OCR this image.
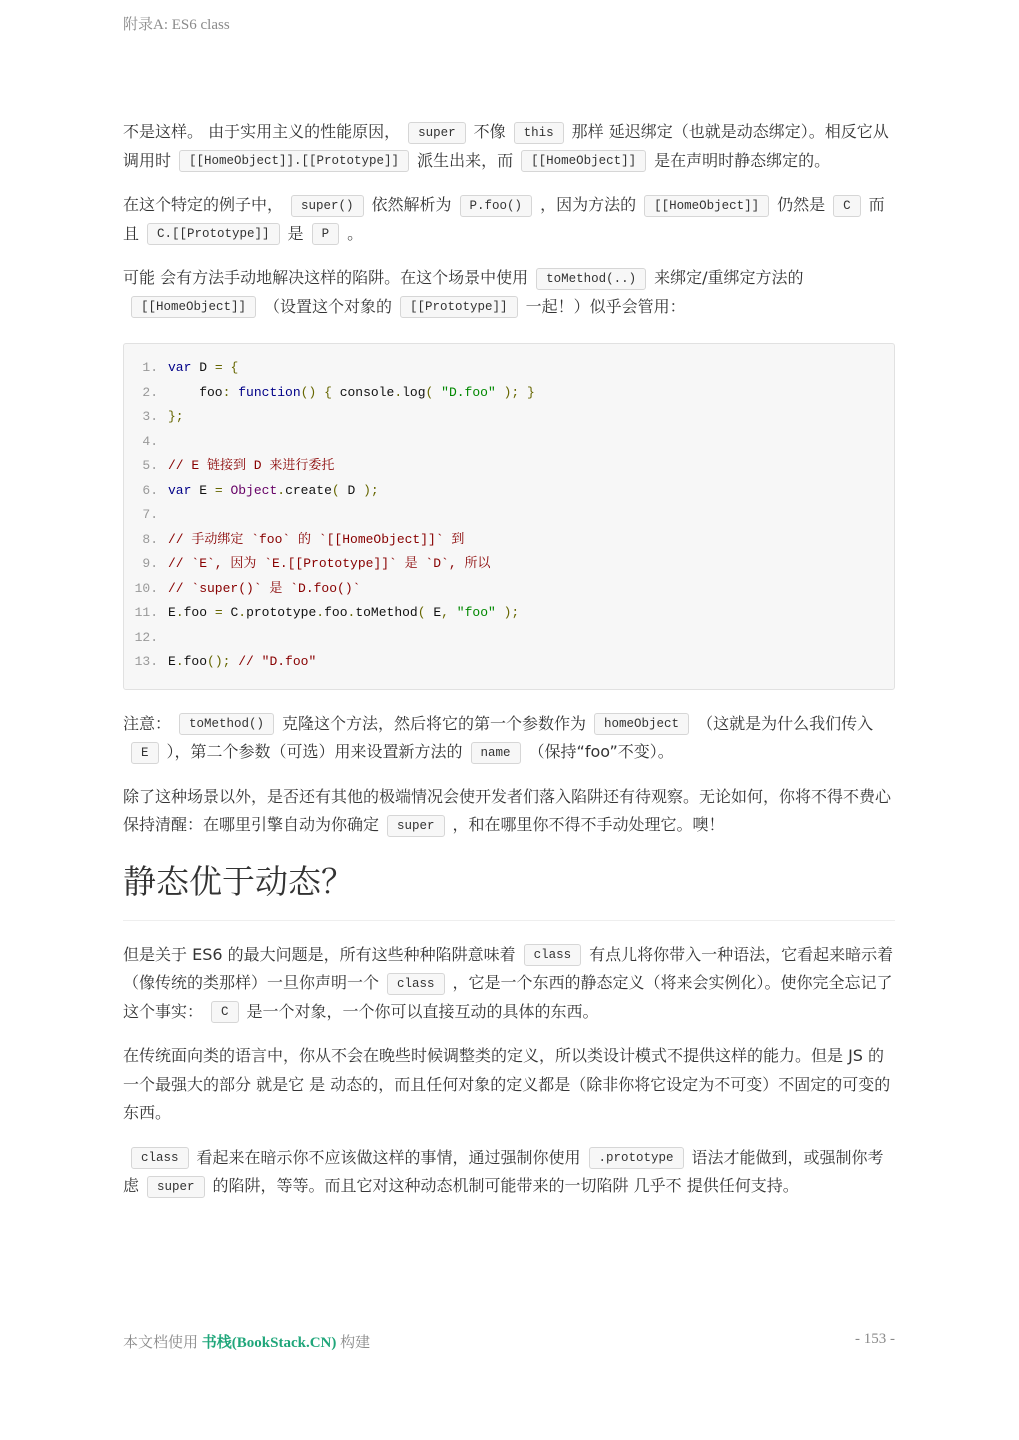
附录A: ES6 class

不是这样。 由于实用主义的性能原因， super 不像 this 那样 延迟绑定（也就是动态绑定）。相反它从调用时 [[HomeObject]].[[Prototype]] 派生出来，而 [[HomeObject]] 是在声明时静态绑定的。

在这个特定的例子中， super() 依然解析为 P.foo() ，因为方法的 [[HomeObject]] 仍然是 C 而且 C.[[Prototype]] 是 P 。

可能 会有方法手动地解决这样的陷阱。在这个场景中使用 toMethod(..) 来绑定/重绑定方法的[[HomeObject]] （设置这个对象的 [[Prototype]] 一起！）似乎会管用：

1. var D = {
2. foo: function() { console.log( "D.foo" ); }
3. };
4.
5. // E 链接到 D 来进行委托
6. var E = Object.create( D );
7.
8. // 手动绑定 `foo` 的 `[[HomeObject]]` 到
9. // `E`, 因为 `E.[[Prototype]]` 是 `D`, 所以
10. // `super()` 是 `D.foo()`
11. E.foo = C.prototype.foo.toMethod( E, "foo" );
12.
13. E.foo(); // "D.foo"

注意： toMethod() 克隆这个方法，然后将它的第一个参数作为 homeObject （这就是为什么我们传入E ），第二个参数（可选）用来设置新方法的 name （保持“foo”不变）。

除了这种场景以外，是否还有其他的极端情况会使开发者们落入陷阱还有待观察。无论如何，你将不得不费心保持清醒：在哪里引擎自动为你确定 super ，和在哪里你不得不手动处理它。噢！

静态优于动态？

但是关于 ES6 的最大问题是，所有这些种种陷阱意味着 class 有点儿将你带入一种语法，它看起来暗示着（像传统的类那样）一旦你声明一个 class ，它是一个东西的静态定义（将来会实例化）。使你完全忘记了这个事实： C 是一个对象，一个你可以直接互动的具体的东西。

在传统面向类的语言中，你从不会在晚些时候调整类的定义，所以类设计模式不提供这样的能力。但是 JS 的 一个最强大的部分 就是它 是 动态的，而且任何对象的定义都是（除非你将它设定为不可变）不固定的可变的 东西。

class 看起来在暗示你不应该做这样的事情，通过强制你使用 .prototype 语法才能做到，或强制你考虑 super 的陷阱，等等。而且它对这种动态机制可能带来的一切陷阱 几乎不 提供任何支持。

本文档使用 书栈(BookStack.CN) 构建	- 153 -
